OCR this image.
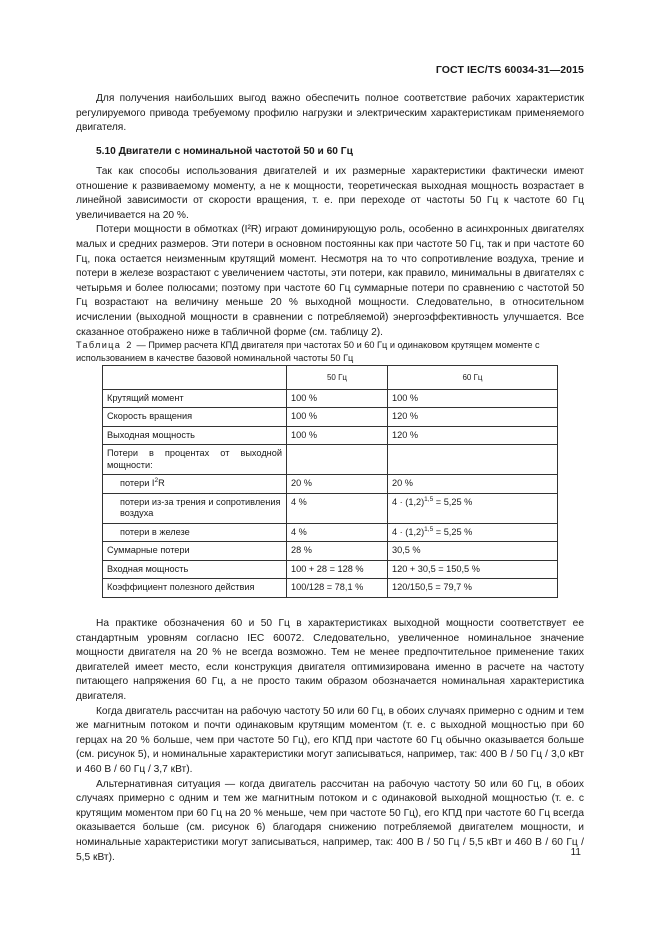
ГОСТ IEC/TS 60034-31—2015

Для получения наибольших выгод важно обеспечить полное соответствие рабочих характеристик регулируемого привода требуемому профилю нагрузки и электрическим характеристикам применяемого двигателя.

5.10 Двигатели с номинальной частотой 50 и 60 Гц

Так как способы использования двигателей и их размерные характеристики фактически имеют отношение к развиваемому моменту, а не к мощности, теоретическая выходная мощность возрастает в линейной зависимости от скорости вращения, т. е. при переходе от частоты 50 Гц к частоте 60 Гц увеличивается на 20 %.

Потери мощности в обмотках (I²R) играют доминирующую роль, особенно в асинхронных двигателях малых и средних размеров. Эти потери в основном постоянны как при частоте 50 Гц, так и при частоте 60 Гц, пока остается неизменным крутящий момент. Несмотря на то что сопротивление воздуха, трение и потери в железе возрастают с увеличением частоты, эти потери, как правило, минимальны в двигателях с четырьмя и более полюсами; поэтому при частоте 60 Гц суммарные потери по сравнению с частотой 50 Гц возрастают на величину меньше 20 % выходной мощности. Следовательно, в относительном исчислении (выходной мощности в сравнении с потребляемой) энергоэффективность улучшается. Все сказанное отображено ниже в табличной форме (см. таблицу 2).

Таблица 2 — Пример расчета КПД двигателя при частотах 50 и 60 Гц и одинаковом крутящем моменте с использованием в качестве базовой номинальной частоты 50 Гц
	50 Гц	60 Гц
Крутящий момент	100 %	100 %
Скорость вращения	100 %	120 %
Выходная мощность	100 %	120 %
Потери в процентах от выходной мощности:		
потери $I^2R$	20 %	20 %
потери из-за трения и сопротивления воздуха	4 %	$4 \cdot (1,2)^{1,5} = 5,25$ %
потери в железе	4 %	$4 \cdot (1,2)^{1,5} = 5,25$ %
Суммарные потери	28 %	30,5 %
Входная мощность	100 + 28 = 128 %	120 + 30,5 = 150,5 %
Коэффициент полезного действия	100/128 = 78,1 %	120/150,5 = 79,7 %

На практике обозначения 60 и 50 Гц в характеристиках выходной мощности соответствует ее стандартным уровням согласно IEC 60072. Следовательно, увеличенное номинальное значение мощности двигателя на 20 % не всегда возможно. Тем не менее предпочтительное применение таких двигателей имеет место, если конструкция двигателя оптимизирована именно в расчете на частоту питающего напряжения 60 Гц, а не просто таким образом обозначается номинальная характеристика двигателя.

Когда двигатель рассчитан на рабочую частоту 50 или 60 Гц, в обоих случаях примерно с одним и тем же магнитным потоком и почти одинаковым крутящим моментом (т. е. с выходной мощностью при 60 герцах на 20 % больше, чем при частоте 50 Гц), его КПД при частоте 60 Гц обычно оказывается больше (см. рисунок 5), и номинальные характеристики могут записываться, например, так: 400 В / 50 Гц / 3,0 кВт и 460 В / 60 Гц / 3,7 кВт).

Альтернативная ситуация — когда двигатель рассчитан на рабочую частоту 50 или 60 Гц, в обоих случаях примерно с одним и тем же магнитным потоком и с одинаковой выходной мощностью (т. е. с крутящим моментом при 60 Гц на 20 % меньше, чем при частоте 50 Гц), его КПД при частоте 60 Гц всегда оказывается больше (см. рисунок 6) благодаря снижению потребляемой двигателем мощности, и номинальные характеристики могут записываться, например, так: 400 В / 50 Гц / 5,5 кВт и 460 В / 60 Гц / 5,5 кВт).	11
